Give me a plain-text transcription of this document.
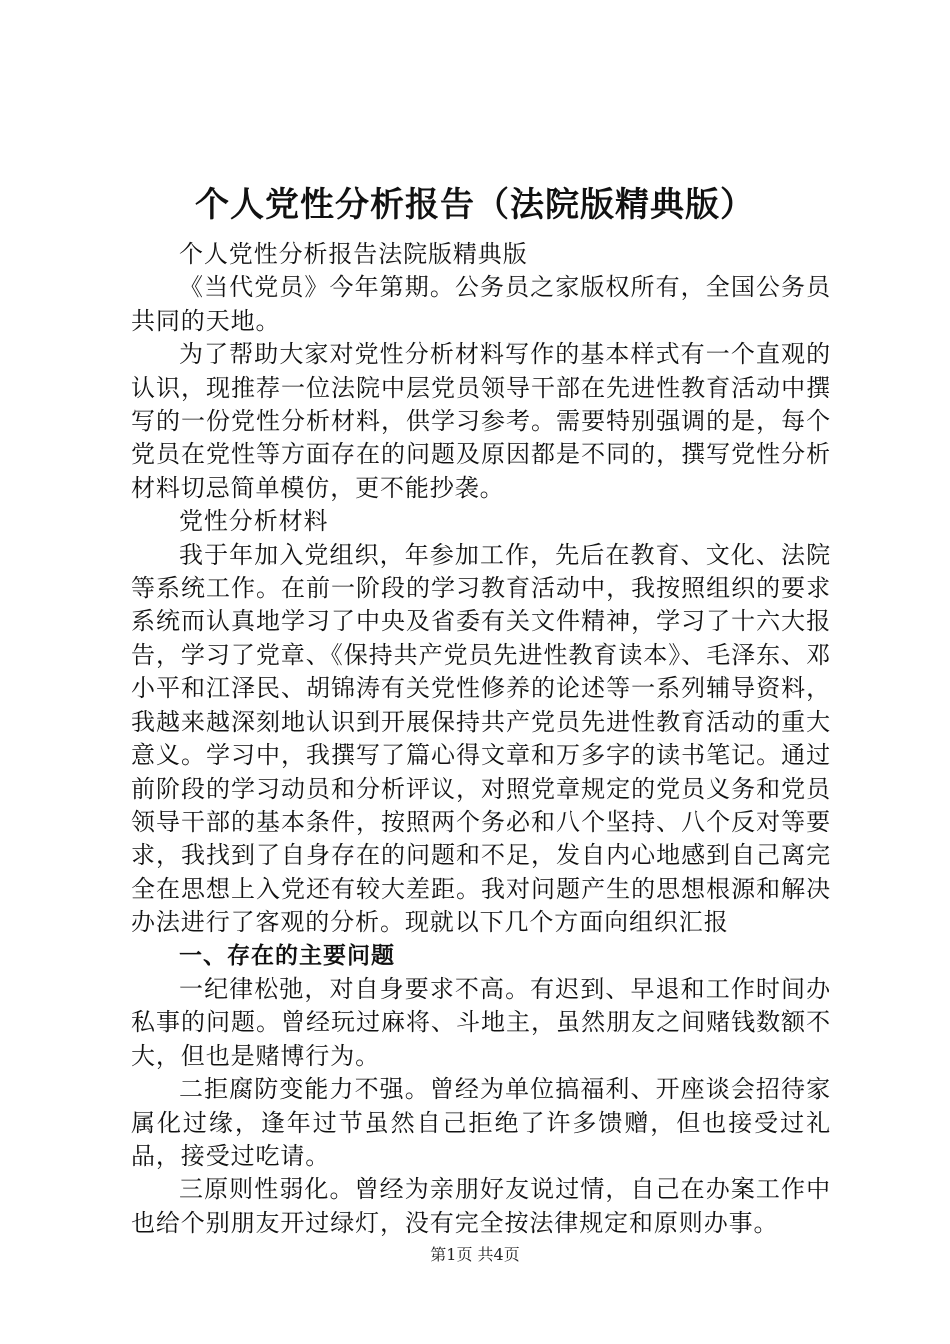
个人党性分析报告（法院版精典版）

个人党性分析报告法院版精典版

《当代党员》今年第期。公务员之家版权所有，全国公务员共同的天地。

为了帮助大家对党性分析材料写作的基本样式有一个直观的认识，现推荐一位法院中层党员领导干部在先进性教育活动中撰写的一份党性分析材料，供学习参考。需要特别强调的是，每个党员在党性等方面存在的问题及原因都是不同的，撰写党性分析材料切忌简单模仿，更不能抄袭。

党性分析材料

我于年加入党组织，年参加工作，先后在教育、文化、法院等系统工作。在前一阶段的学习教育活动中，我按照组织的要求系统而认真地学习了中央及省委有关文件精神，学习了十六大报告，学习了党章、《保持共产党员先进性教育读本》、毛泽东、邓小平和江泽民、胡锦涛有关党性修养的论述等一系列辅导资料，我越来越深刻地认识到开展保持共产党员先进性教育活动的重大意义。学习中，我撰写了篇心得文章和万多字的读书笔记。通过前阶段的学习动员和分析评议，对照党章规定的党员义务和党员领导干部的基本条件，按照两个务必和八个坚持、八个反对等要求，我找到了自身存在的问题和不足，发自内心地感到自己离完全在思想上入党还有较大差距。我对问题产生的思想根源和解决办法进行了客观的分析。现就以下几个方面向组织汇报

一、存在的主要问题

一纪律松弛，对自身要求不高。有迟到、早退和工作时间办私事的问题。曾经玩过麻将、斗地主，虽然朋友之间赌钱数额不大，但也是赌博行为。

二拒腐防变能力不强。曾经为单位搞福利、开座谈会招待家属化过缘，逢年过节虽然自己拒绝了许多馈赠，但也接受过礼品，接受过吃请。

三原则性弱化。曾经为亲朋好友说过情，自己在办案工作中也给个别朋友开过绿灯，没有完全按法律规定和原则办事。

第1页 共4页
